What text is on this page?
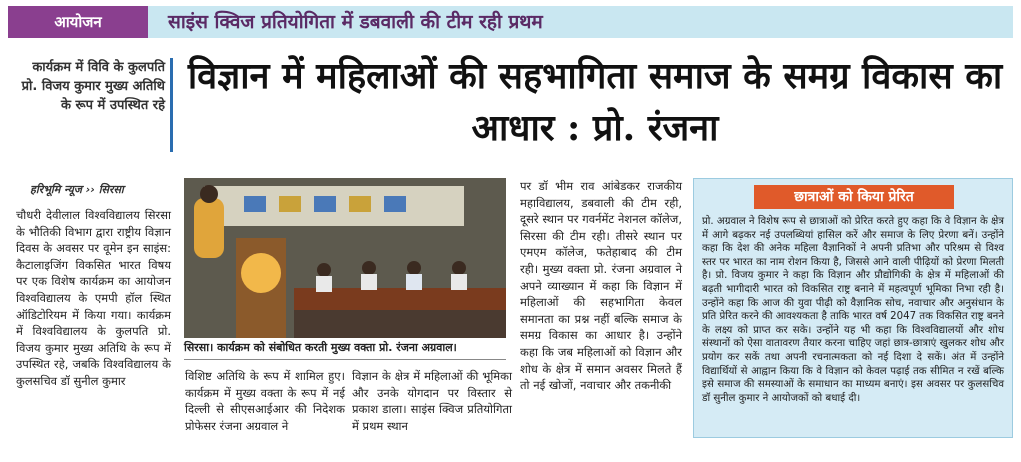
आयोजन	साइंस क्विज प्रतियोगिता में डबवाली की टीम रही प्रथम
कार्यक्रम में विवि के कुलपति प्रो. विजय कुमार मुख्य अतिथि के रूप में उपस्थित रहे
विज्ञान में महिलाओं की सहभागिता समाज के समग्र विकास का आधार : प्रो. रंजना
हरिभूमि न्यूज ›› सिरसा
चौधरी देवीलाल विश्वविद्यालय सिरसा के भौतिकी विभाग द्वारा राष्ट्रीय विज्ञान दिवस के अवसर पर वूमेन इन साइंस: कैटालाइजिंग विकसित भारत विषय पर एक विशेष कार्यक्रम का आयोजन विश्वविद्यालय के एमपी हॉल स्थित ऑडिटोरियम में किया गया। कार्यक्रम में विश्वविद्यालय के कुलपति प्रो. विजय कुमार मुख्य अतिथि के रूप में उपस्थित रहे, जबकि विश्वविद्यालय के कुलसचिव डॉ सुनील कुमार
सिरसा। कार्यक्रम को संबोधित करती मुख्य वक्ता प्रो. रंजना अग्रवाल।
विशिष्ट अतिथि के रूप में शामिल हुए। कार्यक्रम में मुख्य वक्ता के रूप में नई दिल्ली से सीएसआईआर की निदेशक प्रोफेसर रंजना अग्रवाल ने
विज्ञान के क्षेत्र में महिलाओं की भूमिका और उनके योगदान पर विस्तार से प्रकाश डाला। साइंस क्विज प्रतियोगिता में प्रथम स्थान
पर डॉ भीम राव आंबेडकर राजकीय महाविद्यालय, डबवाली की टीम रही, दूसरे स्थान पर गवर्नमेंट नेशनल कॉलेज, सिरसा की टीम रही। तीसरे स्थान पर एमएम कॉलेज, फतेहाबाद की टीम रही। मुख्य वक्ता प्रो. रंजना अग्रवाल ने अपने व्याख्यान में कहा कि विज्ञान में महिलाओं की सहभागिता केवल समानता का प्रश्न नहीं बल्कि समाज के समग्र विकास का आधार है। उन्होंने कहा कि जब महिलाओं को विज्ञान और शोध के क्षेत्र में समान अवसर मिलते हैं तो नई खोजों, नवाचार और तकनीकी
छात्राओं को किया प्रेरित
प्रो. अग्रवाल ने विशेष रूप से छात्राओं को प्रेरित करते हुए कहा कि वे विज्ञान के क्षेत्र में आगे बढ़कर नई उपलब्धियां हासिल करें और समाज के लिए प्रेरणा बनें। उन्होंने कहा कि देश की अनेक महिला वैज्ञानिकों ने अपनी प्रतिभा और परिश्रम से विश्व स्तर पर भारत का नाम रोशन किया है, जिससे आने वाली पीढ़ियों को प्रेरणा मिलती है। प्रो. विजय कुमार ने कहा कि विज्ञान और प्रौद्योगिकी के क्षेत्र में महिलाओं की बढ़ती भागीदारी भारत को विकसित राष्ट्र बनाने में महत्वपूर्ण भूमिका निभा रही है। उन्होंने कहा कि आज की युवा पीढ़ी को वैज्ञानिक सोच, नवाचार और अनुसंधान के प्रति प्रेरित करने की आवश्यकता है ताकि भारत वर्ष 2047 तक विकसित राष्ट्र बनने के लक्ष्य को प्राप्त कर सके। उन्होंने यह भी कहा कि विश्वविद्यालयों और शोध संस्थानों को ऐसा वातावरण तैयार करना चाहिए जहां छात्र-छात्राएं खुलकर शोध और प्रयोग कर सकें तथा अपनी रचनात्मकता को नई दिशा दे सकें। अंत में उन्होंने विद्यार्थियों से आह्वान किया कि वे विज्ञान को केवल पढ़ाई तक सीमित न रखें बल्कि इसे समाज की समस्याओं के समाधान का माध्यम बनाएं। इस अवसर पर कुलसचिव डॉ सुनील कुमार ने आयोजकों को बधाई दी।
